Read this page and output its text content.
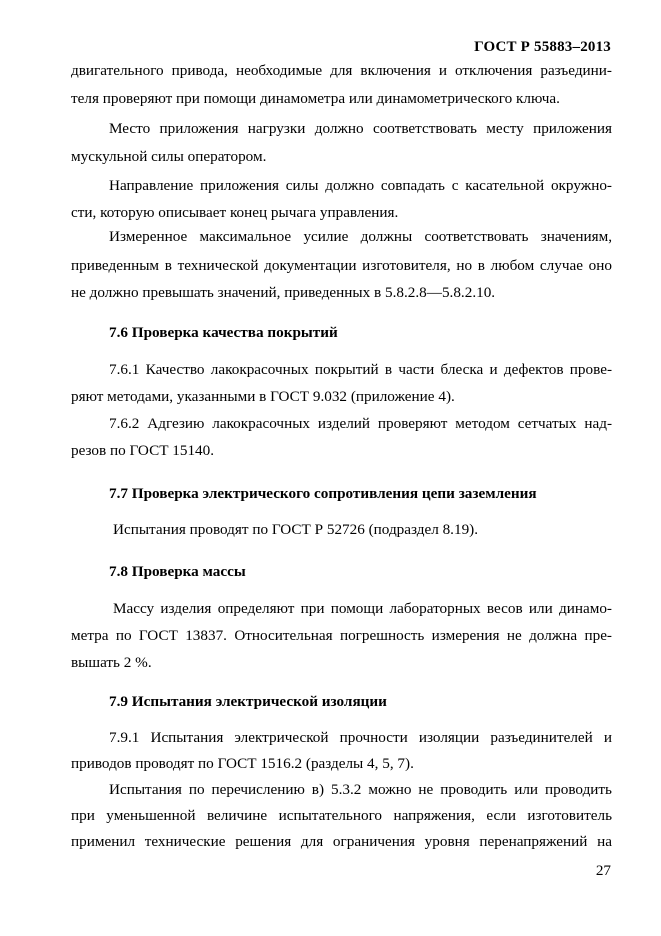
ГОСТ Р 55883–2013
двигательного привода, необходимые для включения и отключения разъедини-
теля проверяют при помощи динамометра или динамометрического ключа.
Место приложения нагрузки должно соответствовать месту приложения
мускульной силы оператором.
Направление приложения силы должно совпадать с касательной окружно-
сти, которую описывает конец рычага управления.
Измеренное максимальное усилие должны соответствовать значениям,
приведенным в технической документации изготовителя, но в любом случае оно
не должно превышать значений, приведенных в 5.8.2.8—5.8.2.10.
7.6 Проверка качества покрытий
7.6.1 Качество лакокрасочных покрытий в части блеска и дефектов прове-
ряют методами, указанными в ГОСТ 9.032 (приложение 4).
7.6.2 Адгезию лакокрасочных изделий проверяют методом сетчатых над-
резов по ГОСТ 15140.
7.7 Проверка электрического сопротивления цепи заземления
Испытания проводят по ГОСТ Р 52726 (подраздел 8.19).
7.8 Проверка массы
Массу изделия определяют при помощи лабораторных весов или динамо-
метра по ГОСТ 13837. Относительная погрешность измерения не должна пре-
вышать 2 %.
7.9 Испытания электрической изоляции
7.9.1 Испытания электрической прочности изоляции разъединителей и
приводов проводят по ГОСТ 1516.2 (разделы 4, 5, 7).
Испытания по перечислению в) 5.3.2 можно не проводить или проводить
при уменьшенной величине испытательного напряжения, если изготовитель
применил технические решения для ограничения уровня перенапряжений на
27
